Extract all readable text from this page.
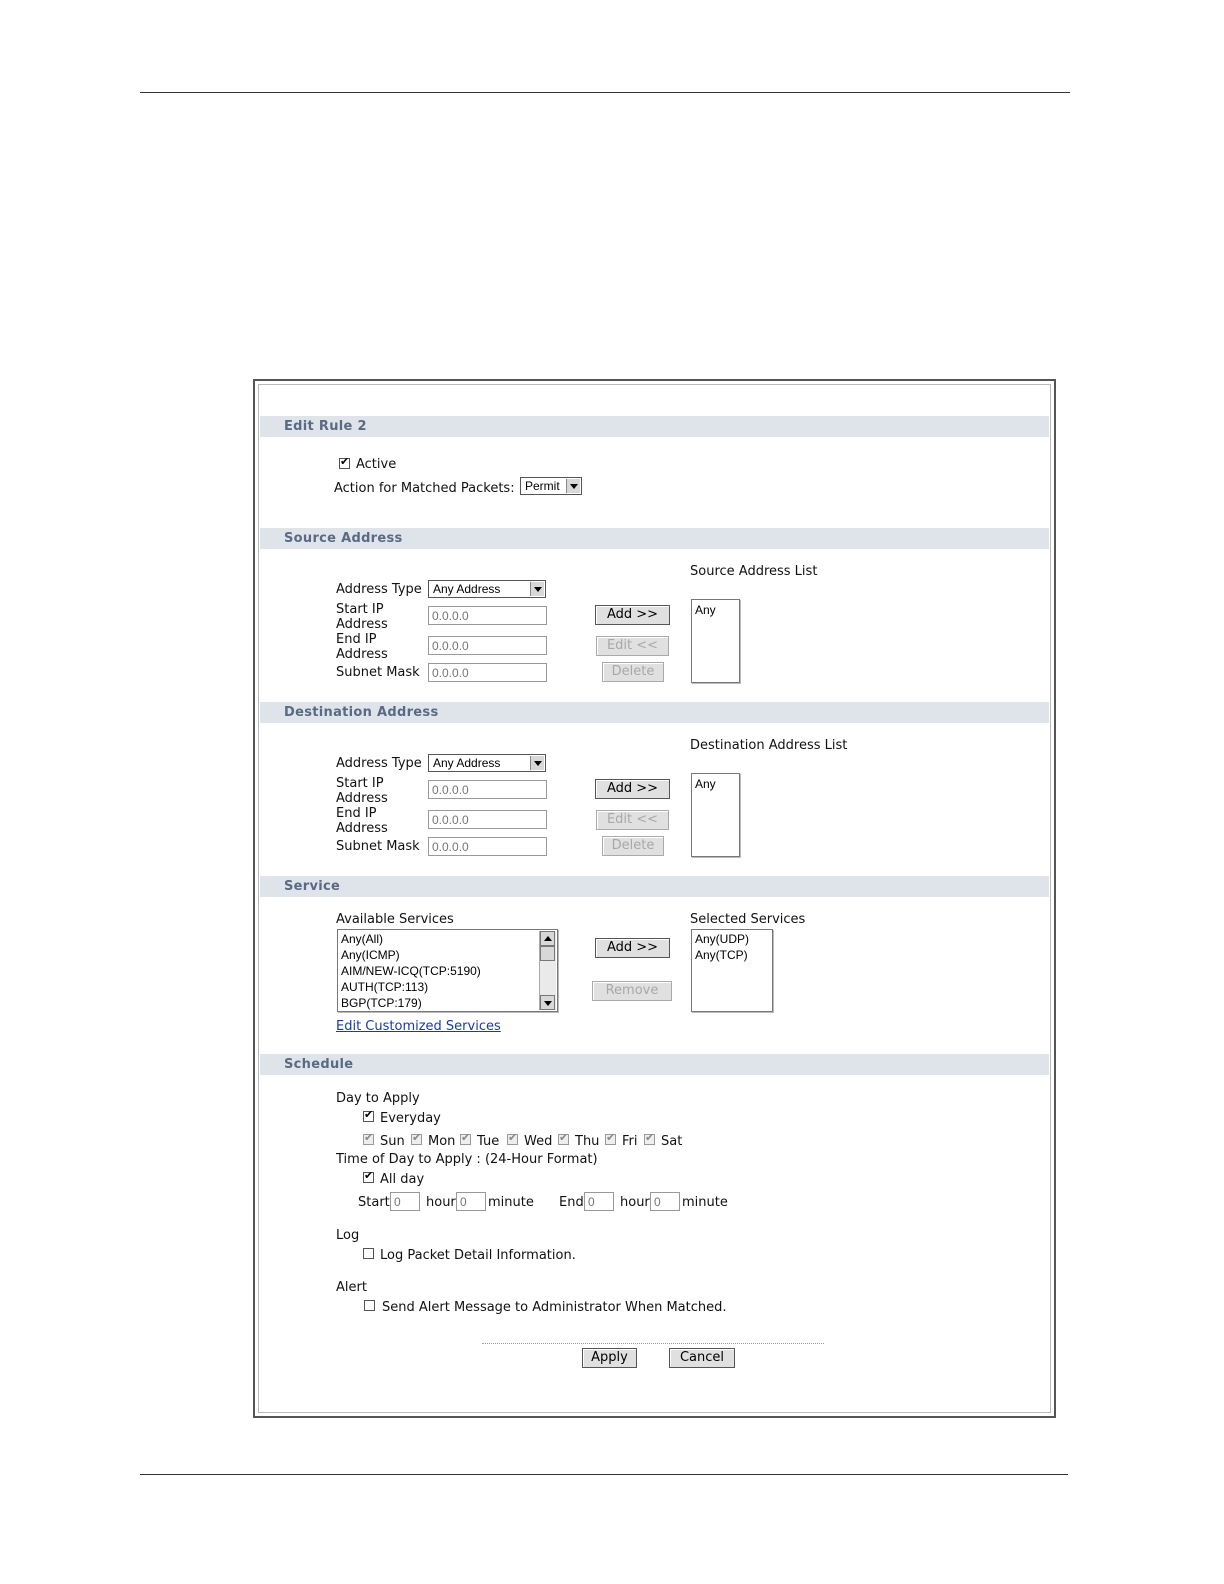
Edit Rule 2
✔
Active
Action for Matched Packets: Permit
Source Address
Source Address List
Address Type Any Address
Start IP Address
0.0.0.0
End IP Address
0.0.0.0
Subnet Mask
0.0.0.0
Add >>
Edit <<
Delete
Any
Destination Address
Destination Address List
Address Type Any Address
Start IP Address
0.0.0.0
End IP Address
0.0.0.0
Subnet Mask
0.0.0.0
Add >>
Edit <<
Delete
Any
Service
Available Services	Selected Services
Any(All)
Any(ICMP)
AIM/NEW-ICQ(TCP:5190)
AUTH(TCP:113)
BGP(TCP:179)
Add >>
Remove
Any(UDP)
Any(TCP)
Edit Customized Services
Schedule
Day to Apply
✔
Everyday
✔
Sun ✔ Mon ✔ Tue ✔ Wed ✔ Thu ✔ Fri ✔ Sat
Time of Day to Apply : (24-Hour Format)
✔
All day
Start
0	hour
0 minute End
0	hour
0 minute
Log
Log Packet Detail Information.
Alert
Send Alert Message to Administrator When Matched.
Apply	Cancel
